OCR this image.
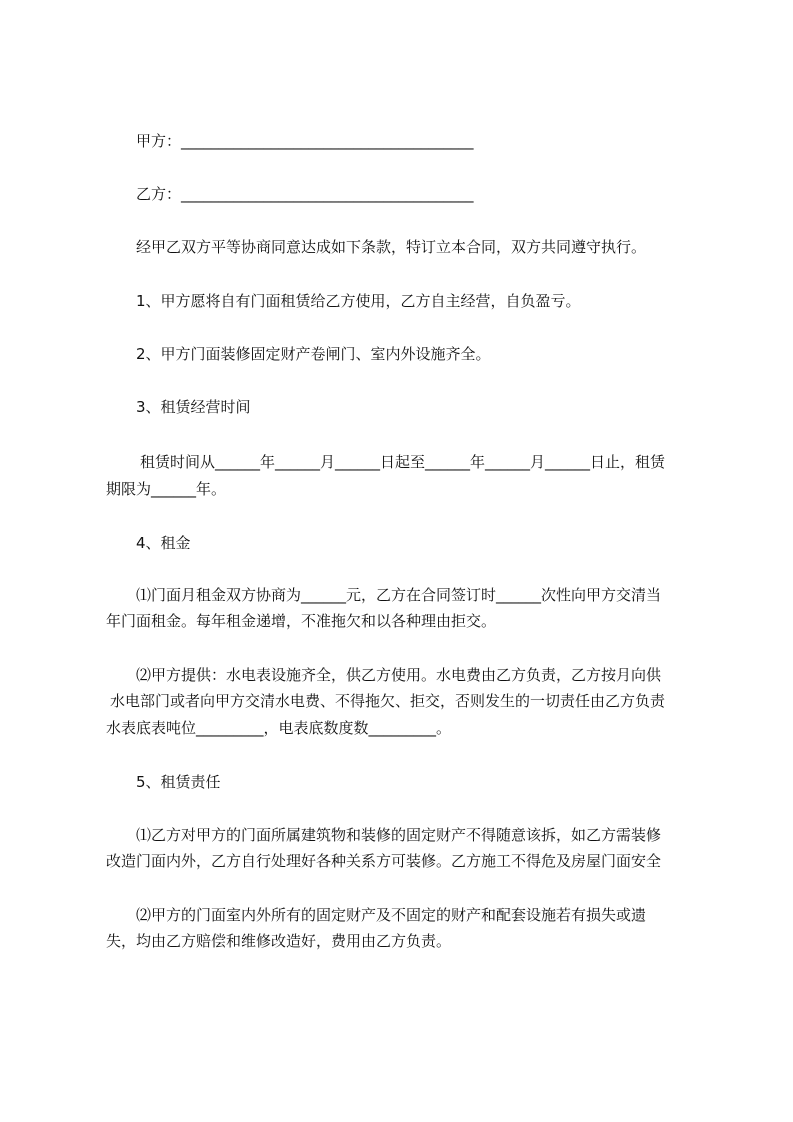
甲方：_______________________________________
乙方：_______________________________________
经甲乙双方平等协商同意达成如下条款，特订立本合同，双方共同遵守执行。
1、甲方愿将自有门面租赁给乙方使用，乙方自主经营，自负盈亏。
2、甲方门面装修固定财产卷闸门、室内外设施齐全。
3、租赁经营时间
租赁时间从______年______月______日起至______年______月______日止，租赁
期限为______年。
4、租金
⑴门面月租金双方协商为______元，乙方在合同签订时______次性向甲方交清当
年门面租金。每年租金递增，不准拖欠和以各种理由拒交。
⑵甲方提供：水电表设施齐全，供乙方使用。水电费由乙方负责，乙方按月向供
水电部门或者向甲方交清水电费、不得拖欠、拒交，否则发生的一切责任由乙方负责
水表底表吨位_________，电表底数度数_________。
5、租赁责任
⑴乙方对甲方的门面所属建筑物和装修的固定财产不得随意该拆，如乙方需装修
改造门面内外，乙方自行处理好各种关系方可装修。乙方施工不得危及房屋门面安全
⑵甲方的门面室内外所有的固定财产及不固定的财产和配套设施若有损失或遗
失，均由乙方赔偿和维修改造好，费用由乙方负责。
